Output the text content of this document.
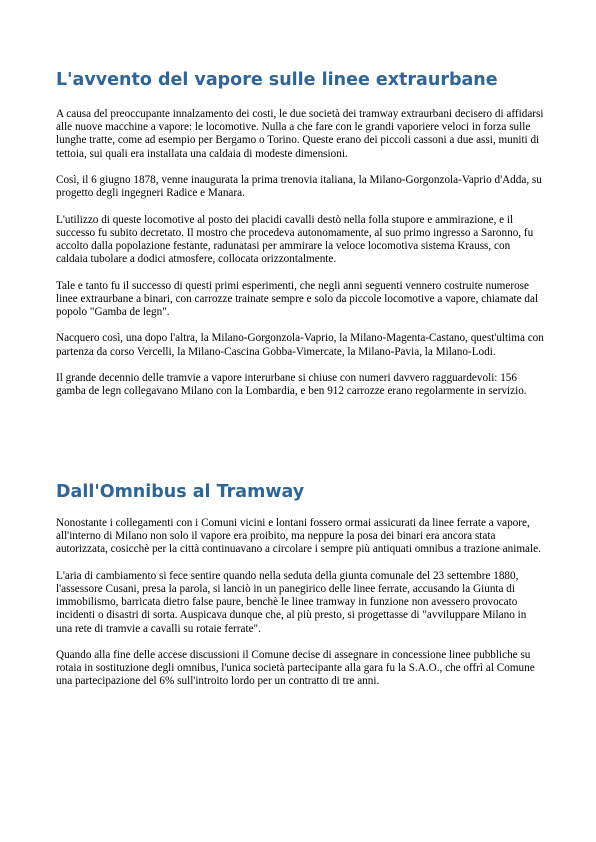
L'avvento del vapore sulle linee extraurbane

A causa del preoccupante innalzamento dei costi, le due società dei tramway extraurbani decisero di affidarsi alle nuove macchine a vapore: le locomotive. Nulla a che fare con le grandi vaporiere veloci in forza sulle lunghe tratte, come ad esempio per Bergamo o Torino. Queste erano dei piccoli cassoni a due assi, muniti di tettoia, sui quali era installata una caldaia di modeste dimensioni.

Così, il 6 giugno 1878, venne inaugurata la prima trenovia italiana, la Milano-Gorgonzola-Vaprio d'Adda, su progetto degli ingegneri Radice e Manara.

L'utilizzo di queste locomotive al posto dei placidi cavalli destò nella folla stupore e ammirazione, e il successo fu subito decretato. Il mostro che procedeva autonomamente, al suo primo ingresso a Saronno, fu accolto dalla popolazione festante, radunatasi per ammirare la veloce locomotiva sistema Krauss, con caldaia tubolare a dodici atmosfere, collocata orizzontalmente.

Tale e tanto fu il successo di questi primi esperimenti, che negli anni seguenti vennero costruite numerose linee extraurbane a binari, con carrozze trainate sempre e solo da piccole locomotive a vapore, chiamate dal popolo "Gamba de legn".

Nacquero così, una dopo l'altra, la Milano-Gorgonzola-Vaprio, la Milano-Magenta-Castano, quest'ultima con partenza da corso Vercelli, la Milano-Cascina Gobba-Vimercate, la Milano-Pavia, la Milano-Lodi.

Il grande decennio delle tramvie a vapore interurbane si chiuse con numeri davvero ragguardevoli: 156 gamba de legn collegavano Milano con la Lombardia, e ben 912 carrozze erano regolarmente in servizio.

Dall'Omnibus al Tramway

Nonostante i collegamenti con i Comuni vicini e lontani fossero ormai assicurati da linee ferrate a vapore, all'interno di Milano non solo il vapore era proibito, ma neppure la posa dei binari era ancora stata autorizzata, cosicchè per la città continuavano a circolare i sempre più antiquati omnibus a trazione animale.

L'aria di cambiamento si fece sentire quando nella seduta della giunta comunale del 23 settembre 1880, l'assessore Cusani, presa la parola, si lanciò in un panegirico delle linee ferrate, accusando la Giunta di immobilismo, barricata dietro false paure, benchè le linee tramway in funzione non avessero provocato incidenti o disastri di sorta. Auspicava dunque che, al più presto, si progettasse di "avviluppare Milano in una rete di tramvie a cavalli su rotaie ferrate".

Quando alla fine delle accese discussioni il Comune decise di assegnare in concessione linee pubbliche su rotaia in sostituzione degli omnibus, l'unica società partecipante alla gara fu la S.A.O., che offrì al Comune una partecipazione del 6% sull'introito lordo per un contratto di tre anni.
